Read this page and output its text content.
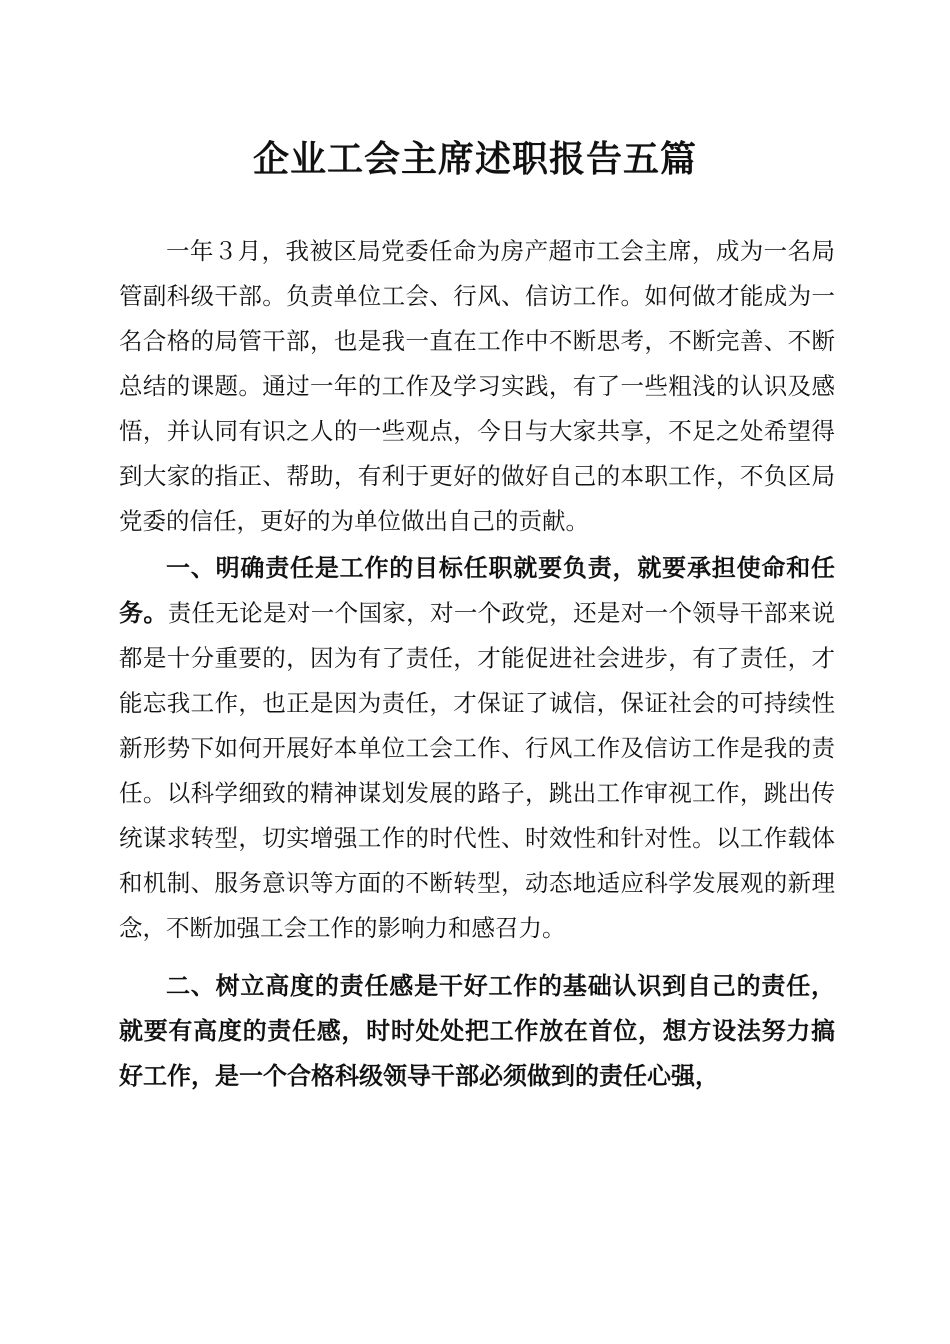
企业工会主席述职报告五篇

一年３月，我被区局党委任命为房产超市工会主席，成为一名局管副科级干部。负责单位工会、行风、信访工作。如何做才能成为一名合格的局管干部，也是我一直在工作中不断思考，不断完善、不断总结的课题。通过一年的工作及学习实践，有了一些粗浅的认识及感悟，并认同有识之人的一些观点，今日与大家共享，不足之处希望得到大家的指正、帮助，有利于更好的做好自己的本职工作，不负区局党委的信任，更好的为单位做出自己的贡献。

一、明确责任是工作的目标任职就要负责，就要承担使命和任务。责任无论是对一个国家，对一个政党，还是对一个领导干部来说都是十分重要的，因为有了责任，才能促进社会进步，有了责任，才能忘我工作，也正是因为责任，才保证了诚信，保证社会的可持续性新形势下如何开展好本单位工会工作、行风工作及信访工作是我的责任。以科学细致的精神谋划发展的路子，跳出工作审视工作，跳出传统谋求转型，切实增强工作的时代性、时效性和针对性。以工作载体和机制、服务意识等方面的不断转型，动态地适应科学发展观的新理念，不断加强工会工作的影响力和感召力。

二、树立高度的责任感是干好工作的基础认识到自己的责任，就要有高度的责任感，时时处处把工作放在首位，想方设法努力搞好工作，是一个合格科级领导干部必须做到的责任心强，
